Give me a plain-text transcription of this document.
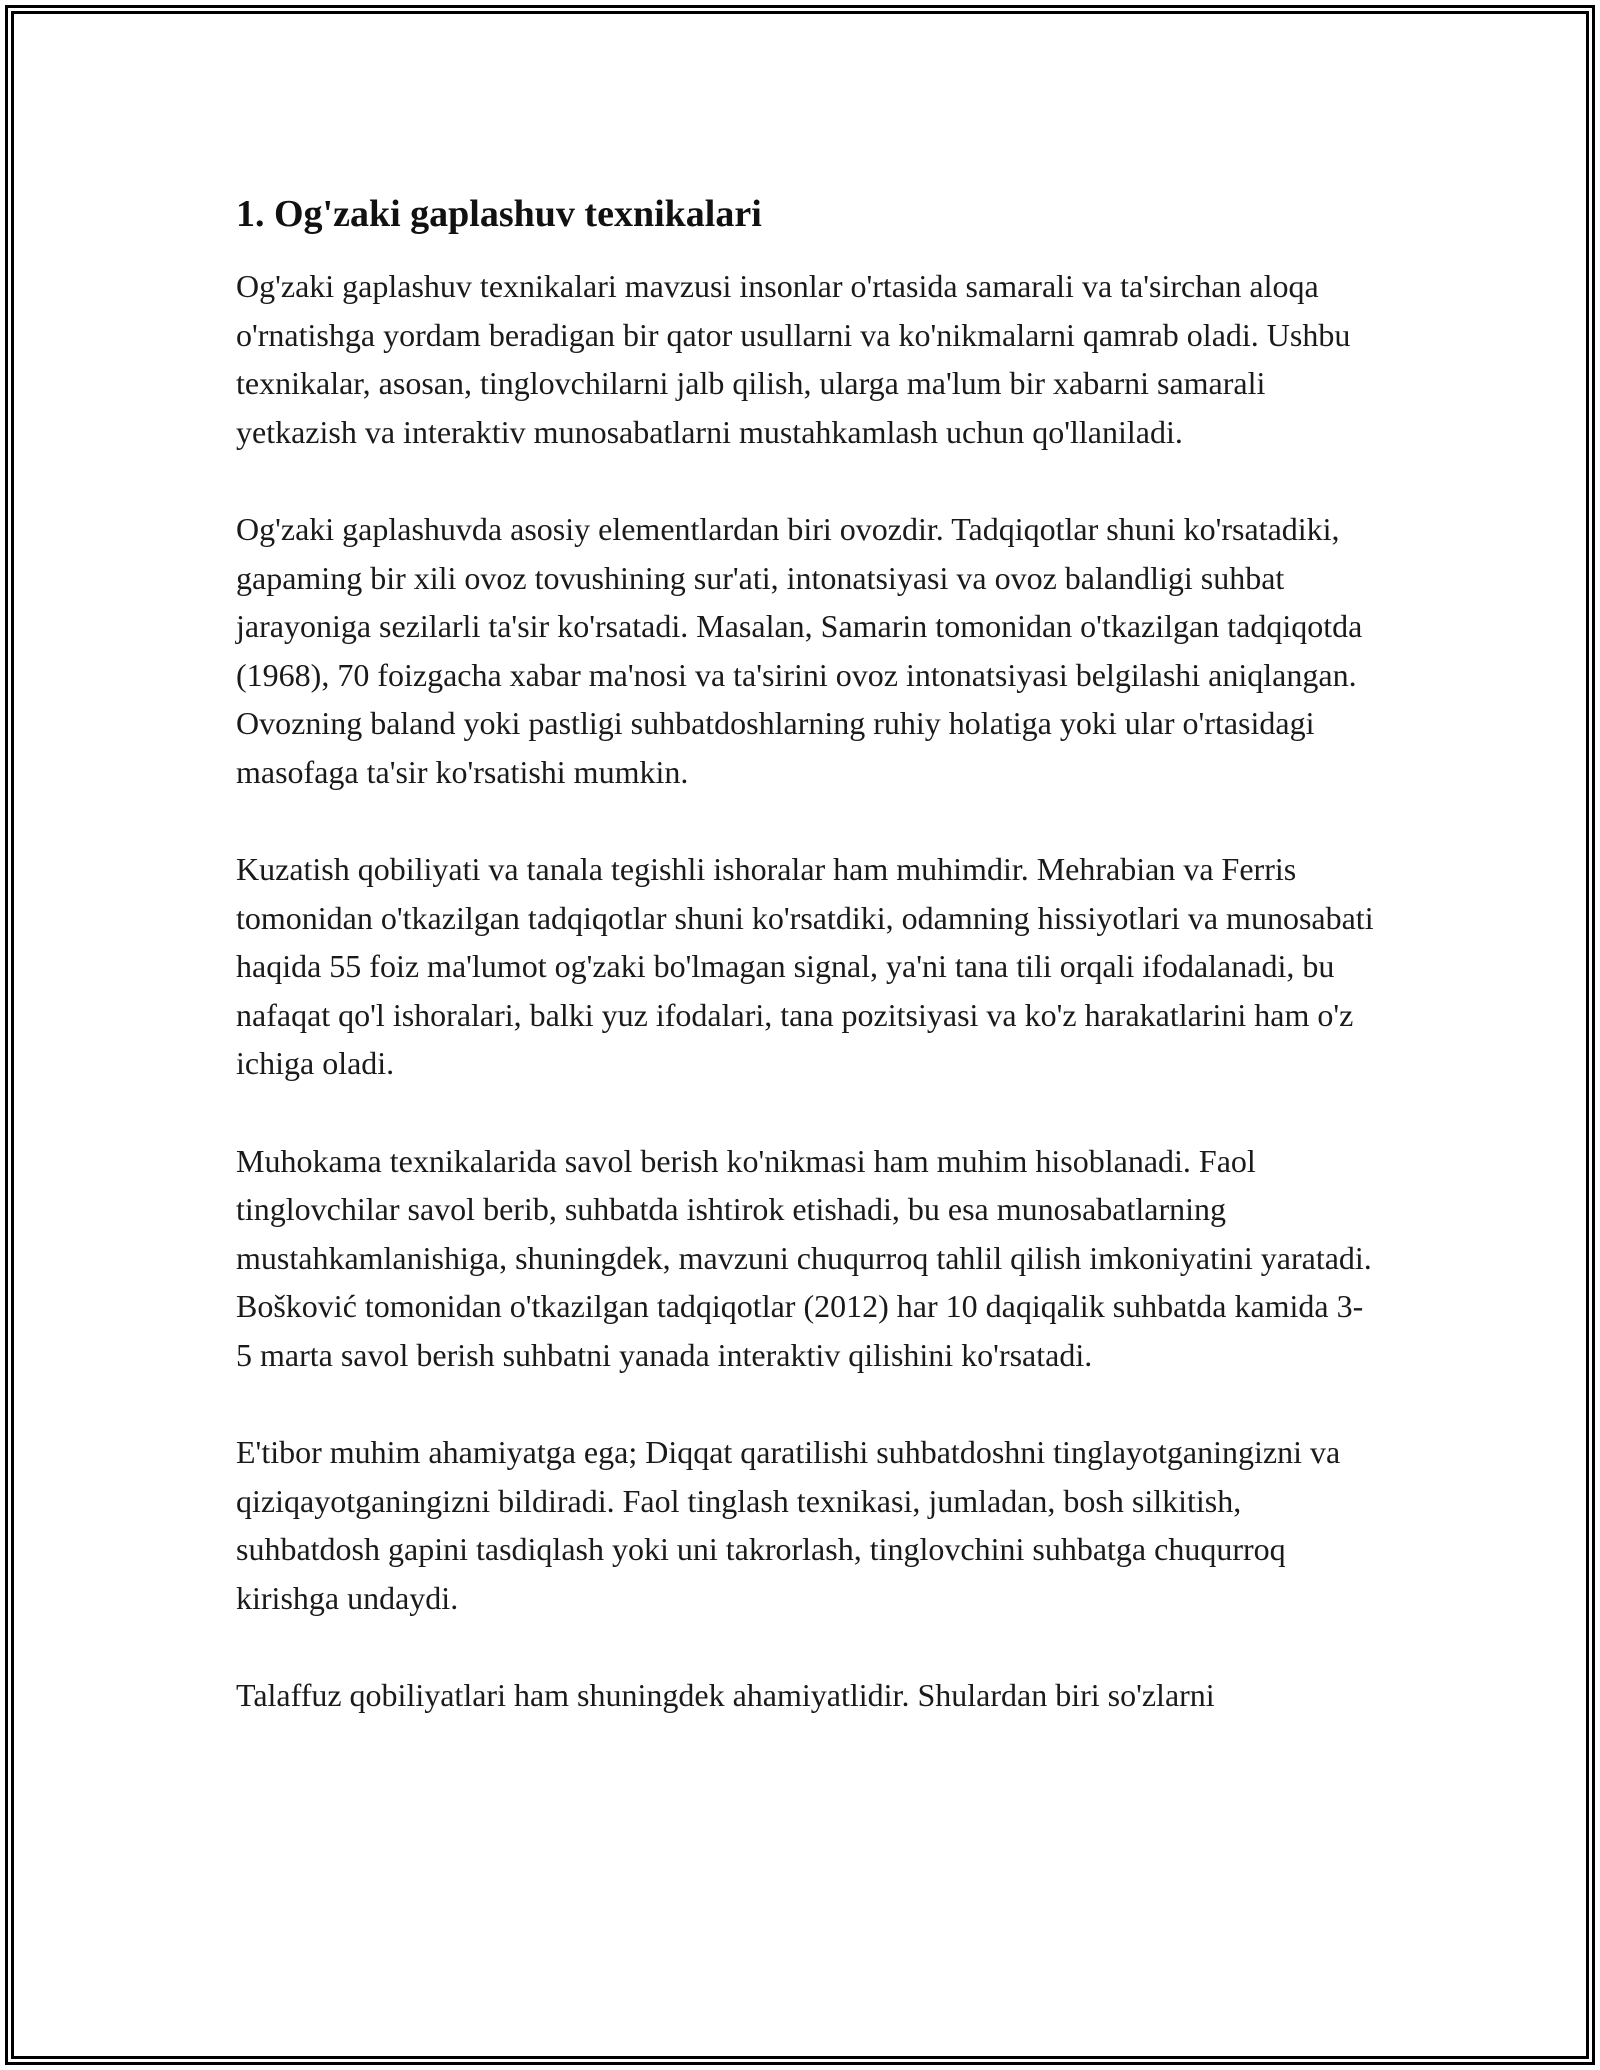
1. Og'zaki gaplashuv texnikalari

Og'zaki gaplashuv texnikalari mavzusi insonlar o'rtasida samarali va ta'sirchan aloqa o'rnatishga yordam beradigan bir qator usullarni va ko'nikmalarni qamrab oladi. Ushbu texnikalar, asosan, tinglovchilarni jalb qilish, ularga ma'lum bir xabarni samarali yetkazish va interaktiv munosabatlarni mustahkamlash uchun qo'llaniladi.

Og'zaki gaplashuvda asosiy elementlardan biri ovozdir. Tadqiqotlar shuni ko'rsatadiki, gapaming bir xili ovoz tovushining sur'ati, intonatsiyasi va ovoz balandligi suhbat jarayoniga sezilarli ta'sir ko'rsatadi. Masalan, Samarin tomonidan o'tkazilgan tadqiqotda (1968), 70 foizgacha xabar ma'nosi va ta'sirini ovoz intonatsiyasi belgilashi aniqlangan. Ovozning baland yoki pastligi suhbatdoshlarning ruhiy holatiga yoki ular o'rtasidagi masofaga ta'sir ko'rsatishi mumkin.

Kuzatish qobiliyati va tanala tegishli ishoralar ham muhimdir. Mehrabian va Ferris tomonidan o'tkazilgan tadqiqotlar shuni ko'rsatdiki, odamning hissiyotlari va munosabati haqida 55 foiz ma'lumot og'zaki bo'lmagan signal, ya'ni tana tili orqali ifodalanadi, bu nafaqat qo'l ishoralari, balki yuz ifodalari, tana pozitsiyasi va ko'z harakatlarini ham o'z ichiga oladi.

Muhokama texnikalarida savol berish ko'nikmasi ham muhim hisoblanadi. Faol tinglovchilar savol berib, suhbatda ishtirok etishadi, bu esa munosabatlarning mustahkamlanishiga, shuningdek, mavzuni chuqurroq tahlil qilish imkoniyatini yaratadi. Bošković tomonidan o'tkazilgan tadqiqotlar (2012) har 10 daqiqalik suhbatda kamida 3-5 marta savol berish suhbatni yanada interaktiv qilishini ko'rsatadi.

E'tibor muhim ahamiyatga ega; Diqqat qaratilishi suhbatdoshni tinglayotganingizni va qiziqayotganingizni bildiradi. Faol tinglash texnikasi, jumladan, bosh silkitish, suhbatdosh gapini tasdiqlash yoki uni takrorlash, tinglovchini suhbatga chuqurroq kirishga undaydi.

Talaffuz qobiliyatlari ham shuningdek ahamiyatlidir. Shulardan biri so'zlarni
